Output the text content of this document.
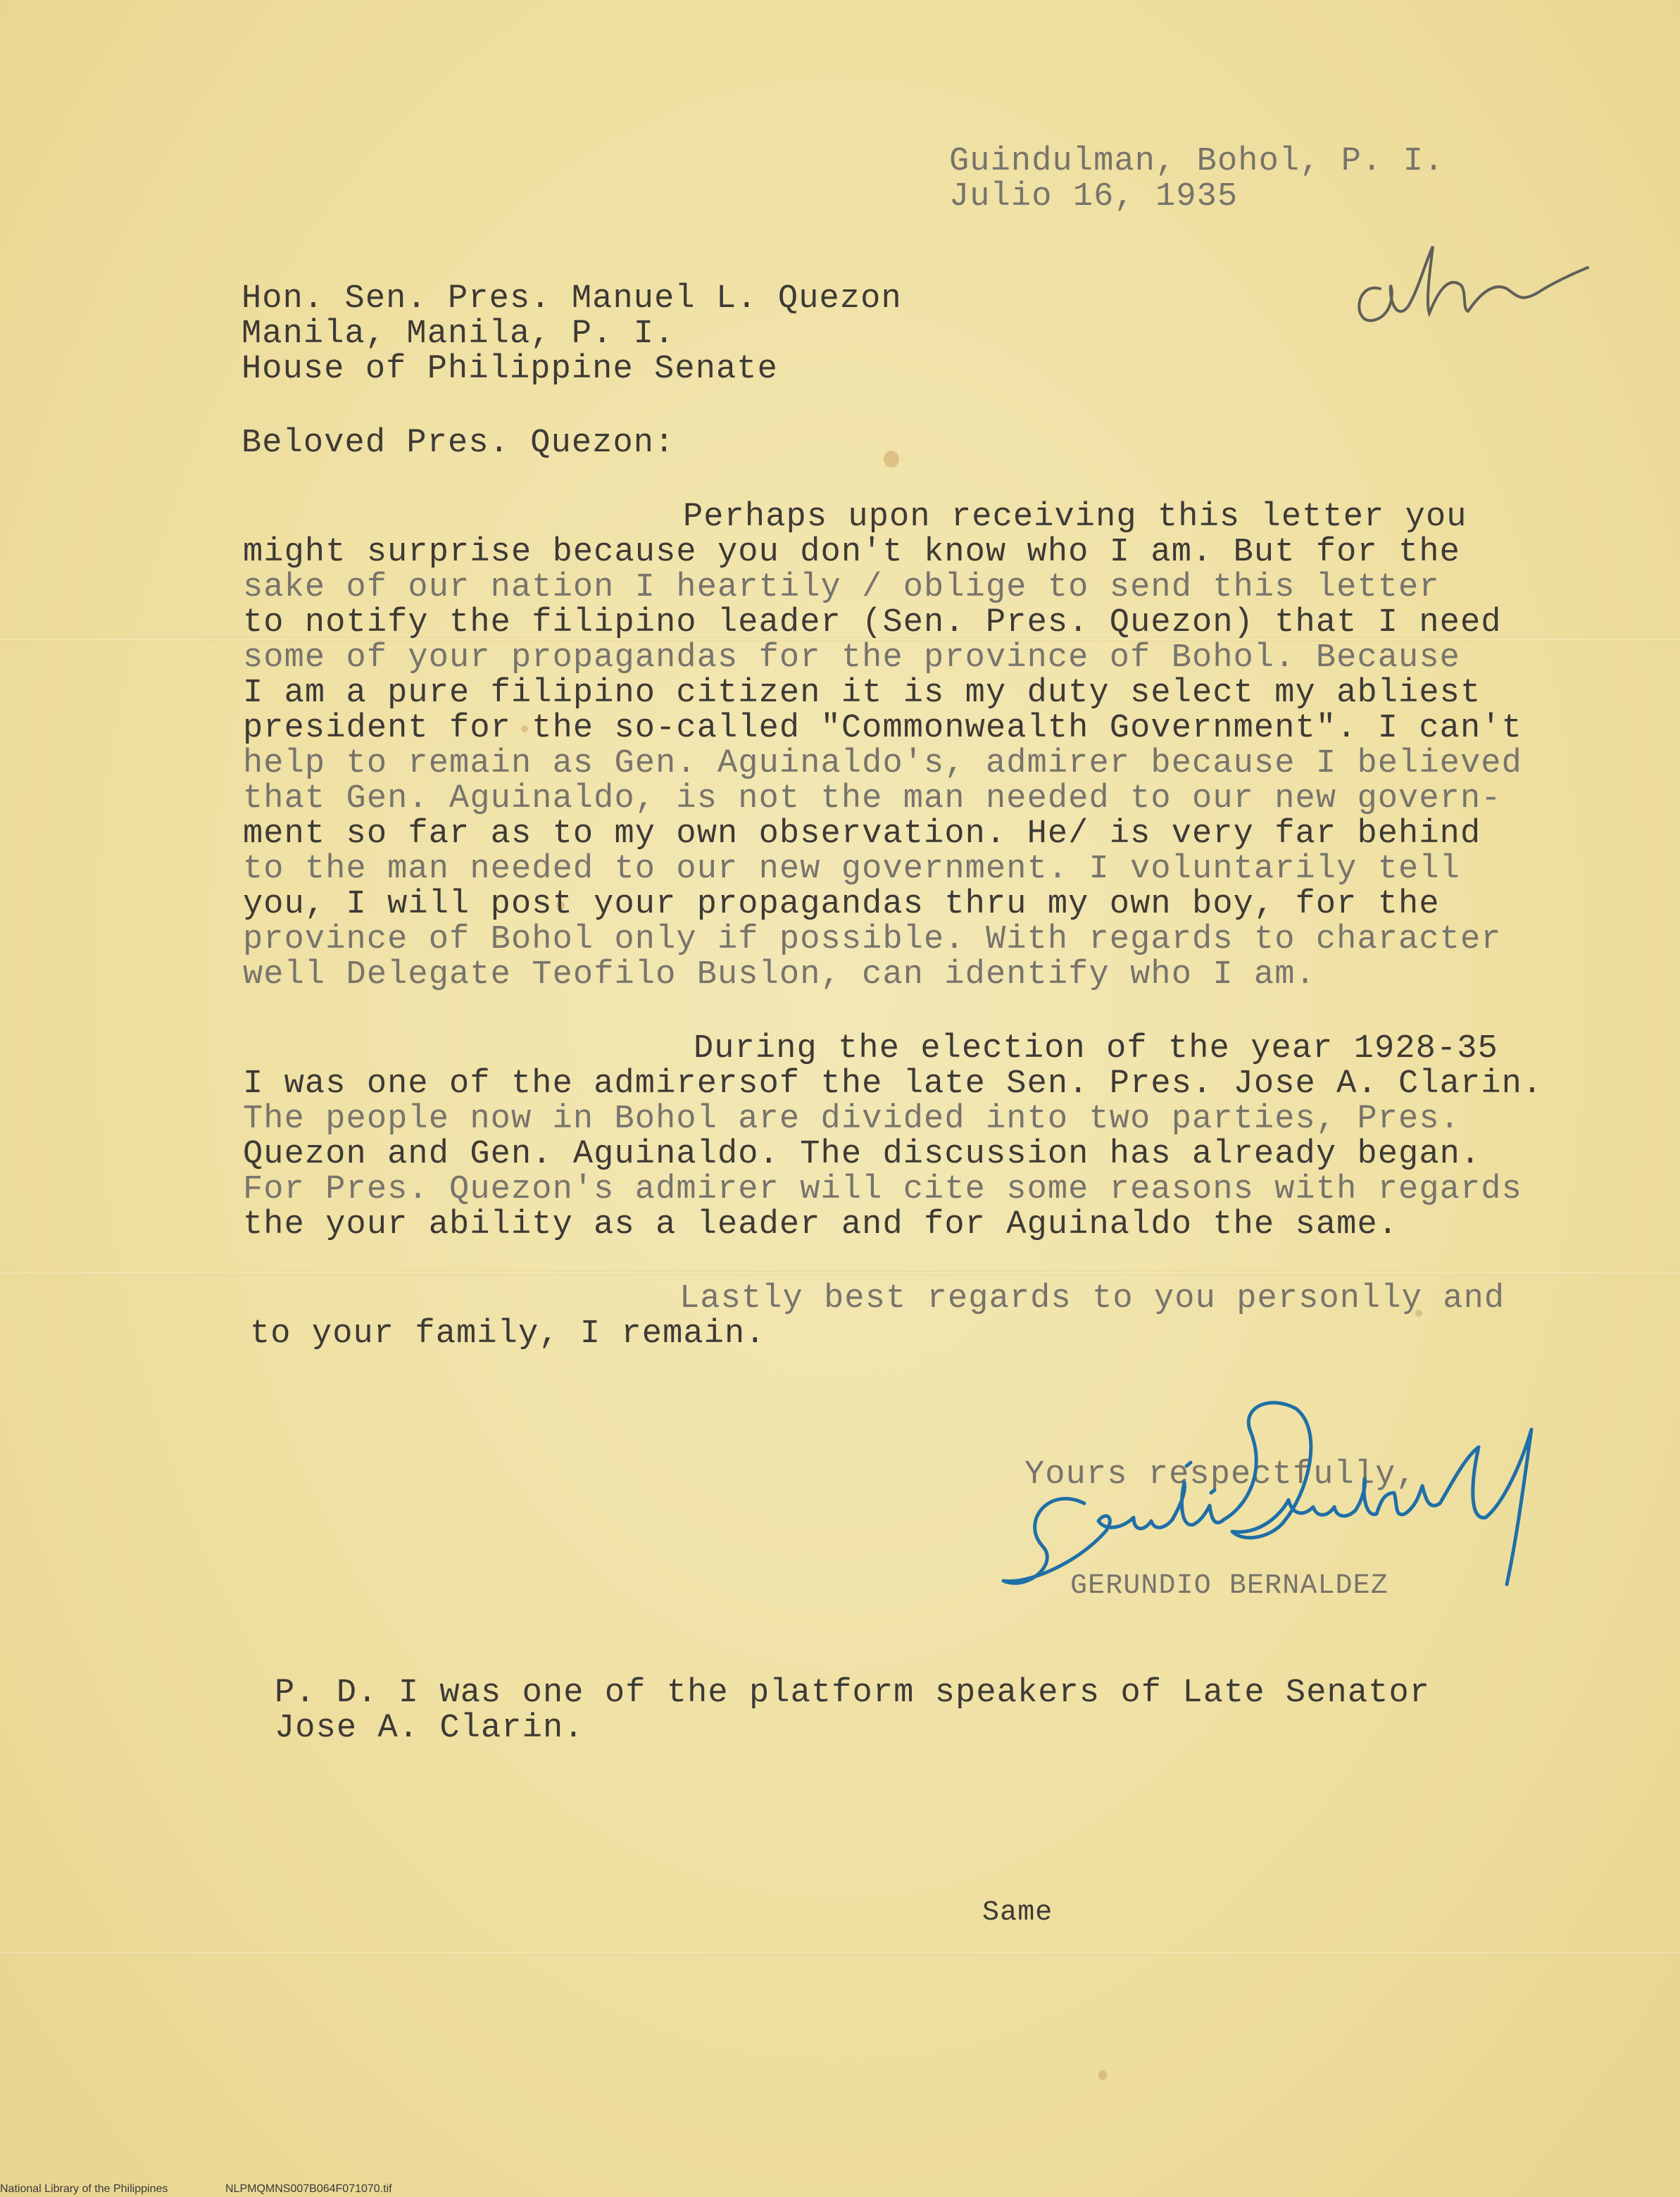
Guindulman, Bohol, P. I.
Julio 16, 1935
Hon. Sen. Pres. Manuel L. Quezon
Manila, Manila, P. I.
House of Philippine Senate
Beloved Pres. Quezon:
Perhaps upon receiving this letter you
might surprise because you don't know who I am. But for the
sake of our nation I heartily / oblige to send this letter
to notify the filipino leader (Sen. Pres. Quezon) that I need
some of your propagandas for the province of Bohol. Because
I am a pure filipino citizen it is my duty select my abliest
president for the so-called "Commonwealth Government". I can't
help to remain as Gen. Aguinaldo's, admirer because I believed
that Gen. Aguinaldo, is not the man needed to our new govern-
ment so far as to my own observation. He/ is very far behind
to the man needed to our new government. I voluntarily tell
you, I will post your propagandas thru my own boy, for the
province of Bohol only if possible. With regards to character
well Delegate Teofilo Buslon, can identify who I am.
During the election of the year 1928-35
I was one of the admirersof the late Sen. Pres. Jose A. Clarin.
The people now in Bohol are divided into two parties, Pres.
Quezon and Gen. Aguinaldo. The discussion has already began.
For Pres. Quezon's admirer will cite some reasons with regards
the your ability as a leader and for Aguinaldo the same.
Lastly best regards to you personlly and
to your family, I remain.
Yours respectfully,
GERUNDIO BERNALDEZ
P. D. I was one of the platform speakers of Late Senator
Jose A. Clarin.
Same
National Library of the Philippines	NLPMQMNS007B064F071070.tif
